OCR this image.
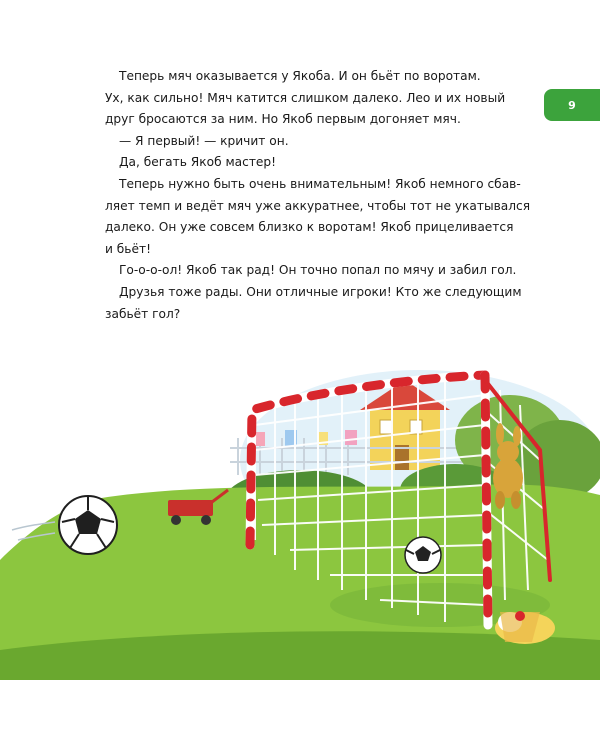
Теперь мяч оказывается у Якоба. И он бьёт по воротам.

Ух, как сильно! Мяч катится слишком далеко. Лео и их новый

друг бросаются за ним. Но Якоб первым догоняет мяч.

— Я первый! — кричит он.

Да, бегать Якоб мастер!

Теперь нужно быть очень внимательным! Якоб немного сбав-

ляет темп и ведёт мяч уже аккуратнее, чтобы тот не укатывался

далеко. Он уже совсем близко к воротам! Якоб прицеливается

и бьёт!

Го-о-о-ол! Якоб так рад! Он точно попал по мячу и забил гол.

Друзья тоже рады. Они отличные игроки! Кто же следующим

забьёт гол?

9
